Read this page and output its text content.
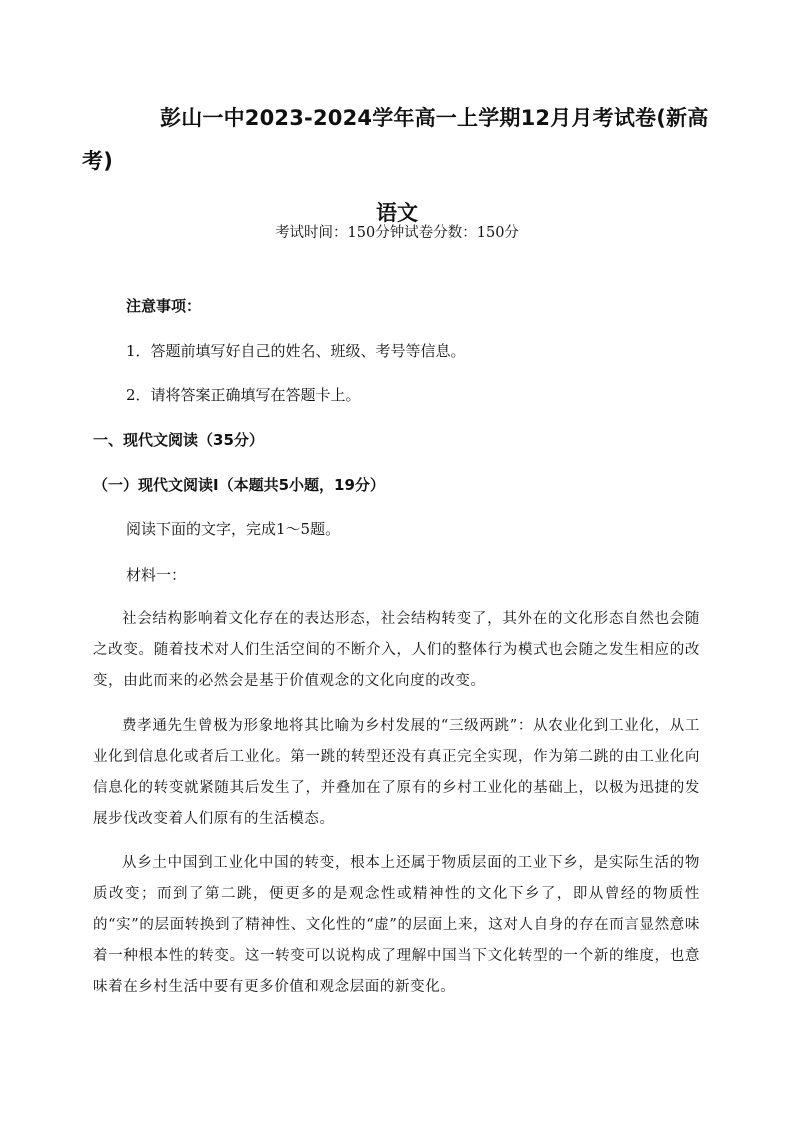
彭山一中2023-2024学年高一上学期12月月考试卷(新高考)
语文
考试时间：150分钟试卷分数：150分
注意事项：
1．答题前填写好自己的姓名、班级、考号等信息。
2．请将答案正确填写在答题卡上。
一、现代文阅读（35分）
（一）现代文阅读Ⅰ（本题共5小题，19分）
阅读下面的文字，完成1～5题。
材料一：
社会结构影响着文化存在的表达形态，社会结构转变了，其外在的文化形态自然也会随之改变。随着技术对人们生活空间的不断介入，人们的整体行为模式也会随之发生相应的改变，由此而来的必然会是基于价值观念的文化向度的改变。
费孝通先生曾极为形象地将其比喻为乡村发展的“三级两跳”：从农业化到工业化，从工业化到信息化或者后工业化。第一跳的转型还没有真正完全实现，作为第二跳的由工业化向信息化的转变就紧随其后发生了，并叠加在了原有的乡村工业化的基础上，以极为迅捷的发展步伐改变着人们原有的生活模态。
从乡土中国到工业化中国的转变，根本上还属于物质层面的工业下乡，是实际生活的物质改变；而到了第二跳，便更多的是观念性或精神性的文化下乡了，即从曾经的物质性的“实”的层面转换到了精神性、文化性的“虚”的层面上来，这对人自身的存在而言显然意味着一种根本性的转变。这一转变可以说构成了理解中国当下文化转型的一个新的维度，也意味着在乡村生活中要有更多价值和观念层面的新变化。
